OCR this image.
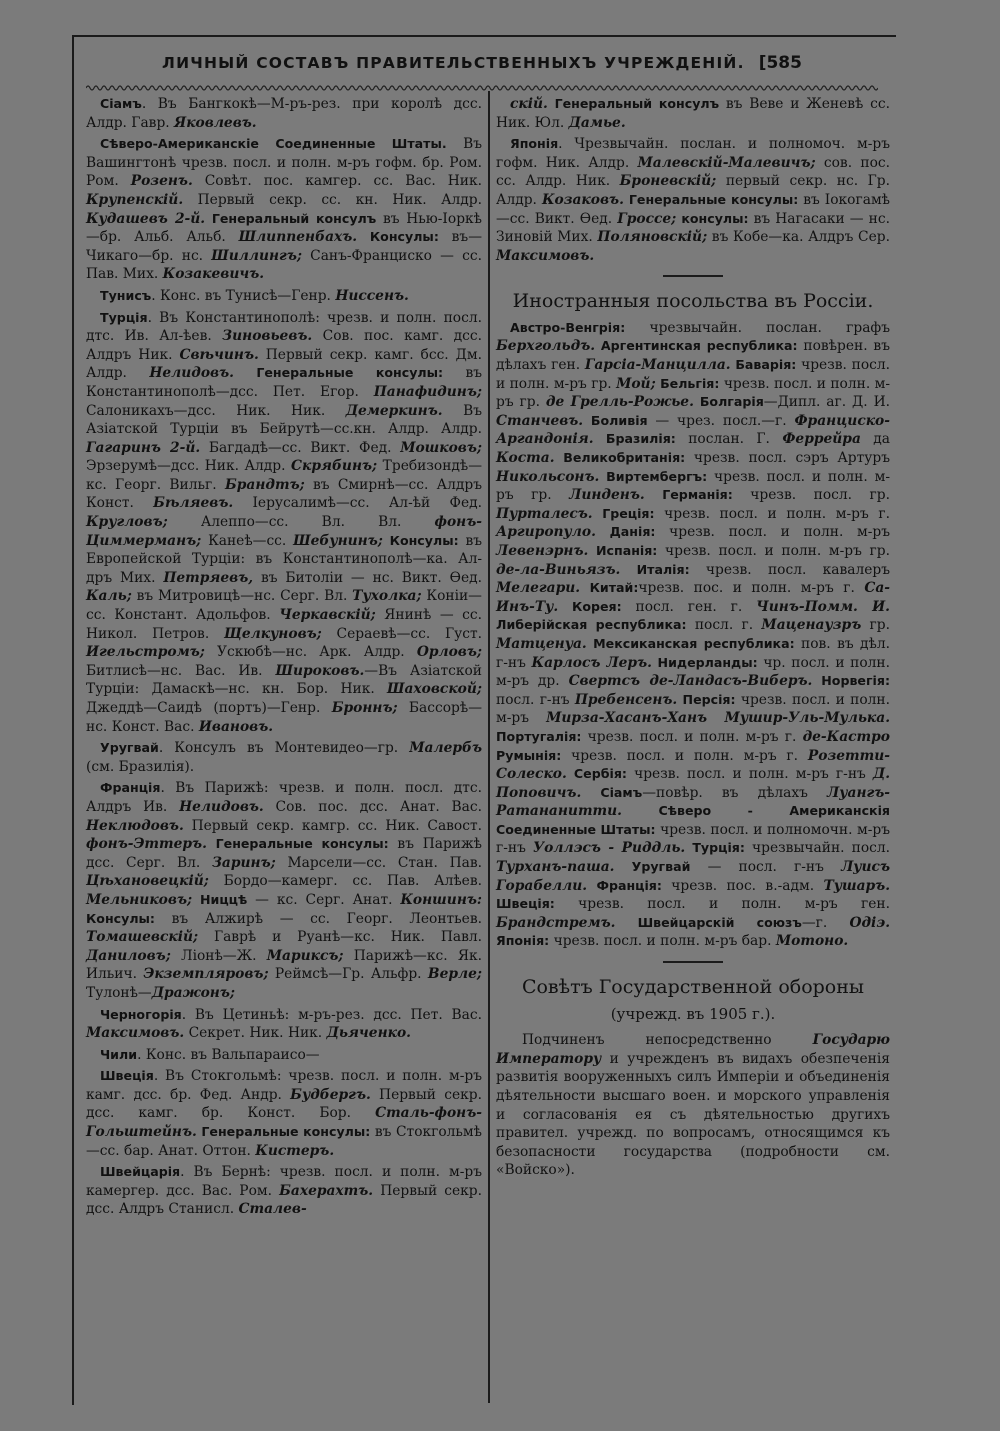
ЛИЧНЫЙ СОСТАВЪ ПРАВИТЕЛЬСТВЕННЫХЪ УЧРЕЖДЕНІЙ. [585

Сіамъ. Въ Бангкокѣ—М-ръ-рез. при королѣ дсс. Алдр. Гавр. Яковлевъ.

Сѣверо-Американскіе Соединенные Штаты. Въ Вашингтонѣ чрезв. посл. и полн. м-ръ гофм. бр. Ром. Ром. Розенъ. Совѣт. пос. камгер. сс. Вас. Ник. Крупенскій. Первый секр. сс. кн. Ник. Алдр. Кудашевъ 2-й. Генеральный консулъ въ Нью-Іоркѣ—бр. Альб. Альб. Шлиппенбахъ. Консулы: въ—Чикаго—бр. нс. Шиллингъ; Санъ-Франциско — сс. Пав. Мих. Козакевичъ.

Тунисъ. Конс. въ Тунисѣ—Генр. Ниссенъ.

Турція. Въ Константинополѣ: чрезв. и полн. посл. дтс. Ив. Ал-ѣев. Зиновьевъ. Сов. пос. камг. дсс. Алдръ Ник. Свѣчинъ. Первый секр. камг. бсс. Дм. Алдр. Нелидовъ. Генеральные консулы: въ Константинополѣ—дсс. Пет. Егор. Панафидинъ; Салоникахъ—дсс. Ник. Ник. Демеркинъ. Въ Азіатской Турціи въ Бейрутѣ—сс.кн. Алдр. Алдр. Гагаринъ 2-й. Багдадѣ—сс. Викт. Фед. Мошковъ; Эрзерумѣ—дсс. Ник. Алдр. Скрябинъ; Требизондѣ—кс. Георг. Вильг. Брандтъ; въ Смирнѣ—сс. Алдръ Конст. Бѣляевъ. Іерусалимѣ—сс. Ал-ѣй Фед. Кругловъ; Алеппо—сс. Вл. Вл. фонъ-Циммерманъ; Канеѣ—сс. Шебунинъ; Консулы: въ Европейской Турціи: въ Константинополѣ—ка. Ал-дръ Мих. Петряевъ, въ Битоліи — нс. Викт. Ѳед. Каль; въ Митровицѣ—нс. Серг. Вл. Тухолка; Коніи—сс. Констант. Адольфов. Черкавскій; Янинѣ — сс. Никол. Петров. Щелкуновъ; Сераевѣ—сс. Густ. Игельстромъ; Ускюбѣ—нс. Арк. Алдр. Орловъ; Битлисѣ—нс. Вас. Ив. Широковъ.—Въ Азіатской Турціи: Дамаскѣ—нс. кн. Бор. Ник. Шаховской; Джеддѣ—Саидѣ (портъ)—Генр. Броннъ; Бассорѣ—нс. Конст. Вас. Ивановъ.

Уругвай. Консулъ въ Монтевидео—гр. Малербъ (см. Бразилія).

Франція. Въ Парижѣ: чрезв. и полн. посл. дтс. Алдръ Ив. Нелидовъ. Сов. пос. дсс. Анат. Вас. Неклюдовъ. Первый секр. камгр. сс. Ник. Савост. фонъ-Эттеръ. Генеральные консулы: въ Парижѣ дсс. Серг. Вл. Заринъ; Марсели—сс. Стан. Пав. Цѣхановецкій; Бордо—камерг. сс. Пав. Алѣев. Мельниковъ; Ниццѣ — кс. Серг. Анат. Коншинъ: Консулы: въ Алжирѣ — сс. Георг. Леонтьев. Томашевскій; Гаврѣ и Руанѣ—кс. Ник. Павл. Даниловъ; Ліонѣ—Ж. Мариксъ; Парижѣ—кс. Як. Ильич. Экземпляровъ; Реймсѣ—Гр. Альфр. Верле; Тулонѣ—Дражонъ;

Черногорія. Въ Цетиньѣ: м-ръ-рез. дсс. Пет. Вас. Максимовъ. Секрет. Ник. Ник. Дьяченко.

Чили. Конс. въ Вальпараисо—

Швеція. Въ Стокгольмѣ: чрезв. посл. и полн. м-ръ камг. дсс. бр. Фед. Андр. Будбергъ. Первый секр. дсс. камг. бр. Конст. Бор. Сталь-фонъ-Гольштейнъ. Генеральные консулы: въ Стокгольмѣ—сс. бар. Анат. Оттон. Кистеръ.

Швейцарія. Въ Бернѣ: чрезв. посл. и полн. м-ръ камергер. дсс. Вас. Ром. Бахерахтъ. Первый секр. дсс. Алдръ Станисл. Сталев-

скій. Генеральный консулъ въ Веве и Женевѣ сс. Ник. Юл. Дамье.

Японія. Чрезвычайн. послан. и полномоч. м-ръ гофм. Ник. Алдр. Малевскій-Малевичъ; сов. пос. сс. Алдр. Ник. Броневскій; первый секр. нс. Гр. Алдр. Козаковъ. Генеральные консулы: въ Іокогамѣ—сс. Викт. Ѳед. Гроссе; консулы: въ Нагасаки — нс. Зиновій Мих. Поляновскій; въ Кобе—ка. Алдръ Сер. Максимовъ.

Иностранныя посольства въ Россіи.

Австро-Венгрія: чрезвычайн. послан. графъ Берхгольдъ. Аргентинская республика: повѣрен. въ дѣлахъ ген. Гарсіа-Манцилла. Баварія: чрезв. посл. и полн. м-ръ гр. Мой; Бельгія: чрезв. посл. и полн. м-ръ гр. де Грелль-Рожье. Болгарія—Дипл. аг. Д. И. Станчевъ. Боливія — чрез. посл.—г. Франциско-Аргандонія. Бразилія: послан. Г. Феррейра да Коста. Великобританія: чрезв. посл. сэръ Артуръ Никольсонъ. Виртембергъ: чрезв. посл. и полн. м-ръ гр. Линденъ. Германія: чрезв. посл. гр. Пурталесъ. Греція: чрезв. посл. и полн. м-ръ г. Аргиропуло. Данія: чрезв. посл. и полн. м-ръ Левенэрнъ. Испанія: чрезв. посл. и полн. м-ръ гр. де-ла-Виньязъ. Италія: чрезв. посл. кавалеръ Мелегари. Китай:чрезв. пос. и полн. м-ръ г. Са-Инъ-Ту. Корея: посл. ген. г. Чинъ-Помм. И. Либерійская республика: посл. г. Маценаузръ гр. Матценуа. Мексиканская республика: пов. въ дѣл. г-нъ Карлосъ Леръ. Нидерланды: чр. посл. и полн. м-ръ др. Свертсъ де-Ландасъ-Виберъ. Норвегія: посл. г-нъ Пребенсенъ. Персія: чрезв. посл. и полн. м-ръ Мирза-Хасанъ-Ханъ Мушир-Уль-Мулька. Португалія: чрезв. посл. и полн. м-ръ г. де-Кастро Румынія: чрезв. посл. и полн. м-ръ г. Розетти-Солеско. Сербія: чрезв. посл. и полн. м-ръ г-нъ Д. Поповичъ. Сіамъ—повѣр. въ дѣлахъ Луангъ-Ратананитти. Сѣверо - Американскія Соединенные Штаты: чрезв. посл. и полномочн. м-ръ г-нъ Уоллэсъ - Риддль. Турція: чрезвычайн. посл. Турханъ-паша. Уругвай — посл. г-нъ Луисъ Горабелли. Франція: чрезв. пос. в.-адм. Тушаръ. Швеція: чрезв. посл. и полн. м-ръ ген. Брандстремъ. Швейцарскій союзъ—г. Одіэ. Японія: чрезв. посл. и полн. м-ръ бар. Мотоно.

Совѣтъ Государственной обороны
(учрежд. въ 1905 г.).

Подчиненъ непосредственно Государю Императору и учрежденъ въ видахъ обезпеченія развитія вооруженныхъ силъ Имперіи и объединенія дѣятельности высшаго воен. и морского управленія и согласованія ея съ дѣятельностью другихъ правител. учрежд. по вопросамъ, относящимся къ безопасности государства (подробности см. «Войско»).
